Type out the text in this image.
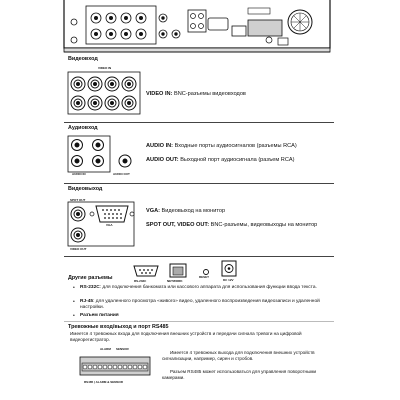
Видеовход
VIDEO IN
VIDEO IN: BNC-разъемы видеовходов
Аудиовход
AUDIO IN	AUDIO OUT
AUDIO IN: Входные порты аудиосигналов (разъемы RCA)
AUDIO OUT: Выходной порт аудиосигнала (разъем RCA)
Видеовыход
SPOT OUT
VGA
VIDEO OUT
VGA: Видеовыход на монитор
SPOT OUT, VIDEO OUT: BNC-разъемы, видеовыходы на монитор
RS-232C	NETWORK
RESET
DC 12V
Другие разъемы
• RS-232C: для подключения банкомата или кассового аппарата для использования функции ввода текста.
• RJ-45: для удаленного просмотра «живого» видео, удаленного воспроизведения видеозаписи и удаленной настройки.
• Разъем питания
Тревожные вход/выход и порт RS485
Имеется 4 тревожных входа для подключения внешних устройств и передачи сигнала тревоги на цифровой видеорегистратор.
ALARM SENSOR
RS485 | ALARM & SENSOR
Имеется 4 тревожных выхода для подключения внешних устройств сигнализации, например, сирен и стробов.
Разъем RS485 может использоваться для управления поворотными камерами.
